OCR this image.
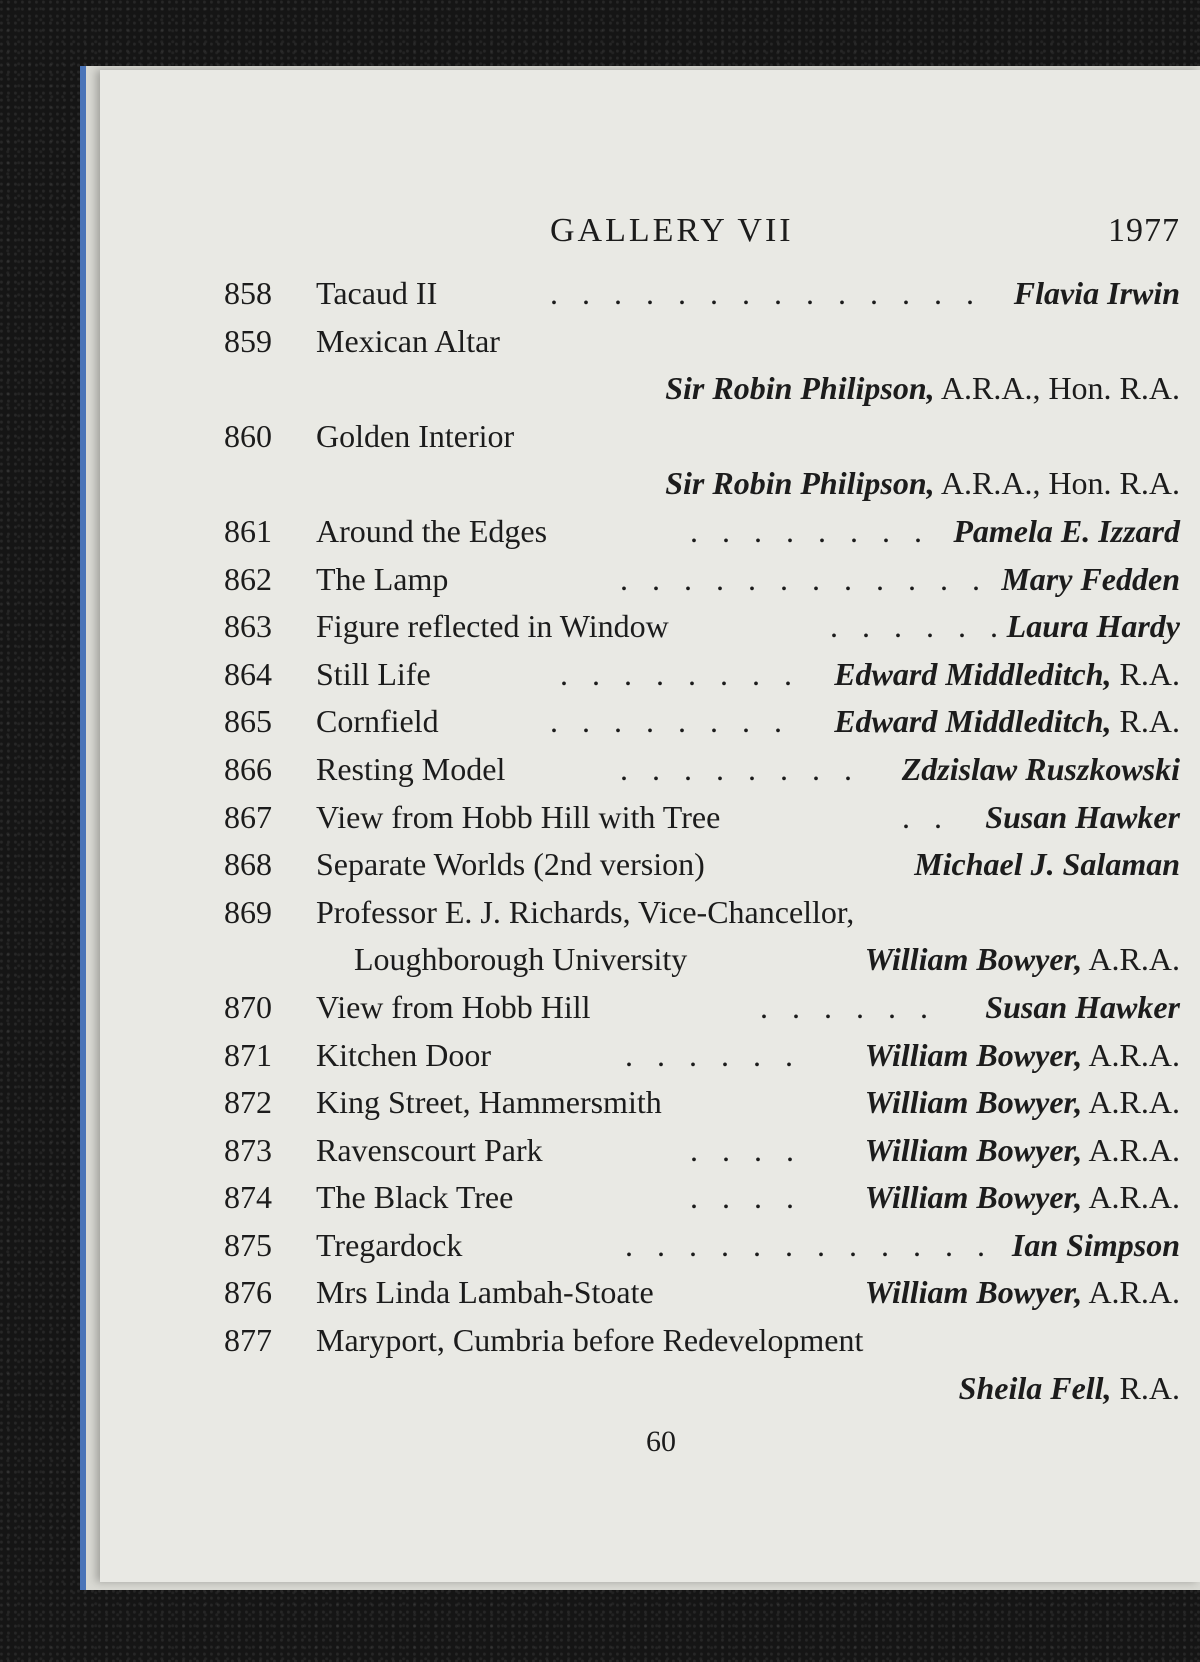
GALLERY VII	1977
858	Tacaud II	. . . . . . . . . . . . . . Flavia Irwin
859	Mexican Altar
Sir Robin Philipson, A.R.A., Hon. R.A.
860	Golden Interior
Sir Robin Philipson, A.R.A., Hon. R.A.
861	Around the Edges	. . . . . . . . Pamela E. Izzard
862	The Lamp	. . . . . . . . . . . . Mary Fedden
863	Figure reflected in Window	. . . . . . Laura Hardy
864	Still Life	. . . . . . . . Edward Middleditch, R.A.
865	Cornfield	. . . . . . . . Edward Middleditch, R.A.
866	Resting Model	. . . . . . . . Zdzislaw Ruszkowski
867	View from Hobb Hill with Tree	. . Susan Hawker
868	Separate Worlds (2nd version)	Michael J. Salaman
869	Professor E. J. Richards, Vice-Chancellor,
Loughborough University	William Bowyer, A.R.A.
870	View from Hobb Hill	. . . . . . Susan Hawker
871	Kitchen Door	. . . . . . William Bowyer, A.R.A.
872	King Street, Hammersmith	William Bowyer, A.R.A.
873	Ravenscourt Park	. . . . William Bowyer, A.R.A.
874	The Black Tree	. . . . William Bowyer, A.R.A.
875	Tregardock	. . . . . . . . . . . . Ian Simpson
876	Mrs Linda Lambah-Stoate	William Bowyer, A.R.A.
877	Maryport, Cumbria before Redevelopment
Sheila Fell, R.A.
60
